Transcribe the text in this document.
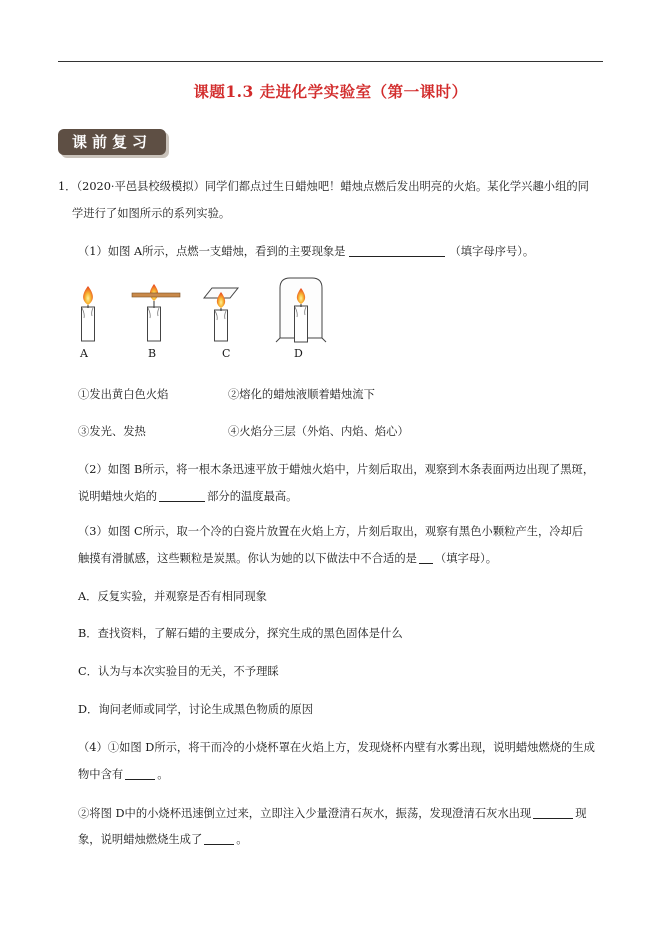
课题1.3 走进化学实验室（第一课时）
课前复习
1．（2020·平邑县校级模拟）同学们都点过生日蜡烛吧！蜡烛点燃后发出明亮的火焰。某化学兴趣小组的同
学进行了如图所示的系列实验。
（1）如图 A所示，点燃一支蜡烛，看到的主要现象是	（填字母序号）。
A	B	C	D
①发出黄白色火焰	②熔化的蜡烛液顺着蜡烛流下
③发光、发热	④火焰分三层（外焰、内焰、焰心）
（2）如图 B所示，将一根木条迅速平放于蜡烛火焰中，片刻后取出，观察到木条表面两边出现了黑斑，
说明蜡烛火焰的	部分的温度最高。
（3）如图 C所示，取一个冷的白瓷片放置在火焰上方，片刻后取出，观察有黑色小颗粒产生，冷却后
触摸有滑腻感，这些颗粒是炭黑。你认为她的以下做法中不合适的是 （填字母）。
A．反复实验，并观察是否有相同现象
B．查找资料，了解石蜡的主要成分，探究生成的黑色固体是什么
C．认为与本次实验目的无关，不予理睬
D．询问老师或同学，讨论生成黑色物质的原因
（4）①如图 D所示，将干而冷的小烧杯罩在火焰上方，发现烧杯内壁有水雾出现，说明蜡烛燃烧的生成
物中含有	。
②将图 D中的小烧杯迅速倒立过来，立即注入少量澄清石灰水，振荡，发现澄清石灰水出现	现
象，说明蜡烛燃烧生成了	。
